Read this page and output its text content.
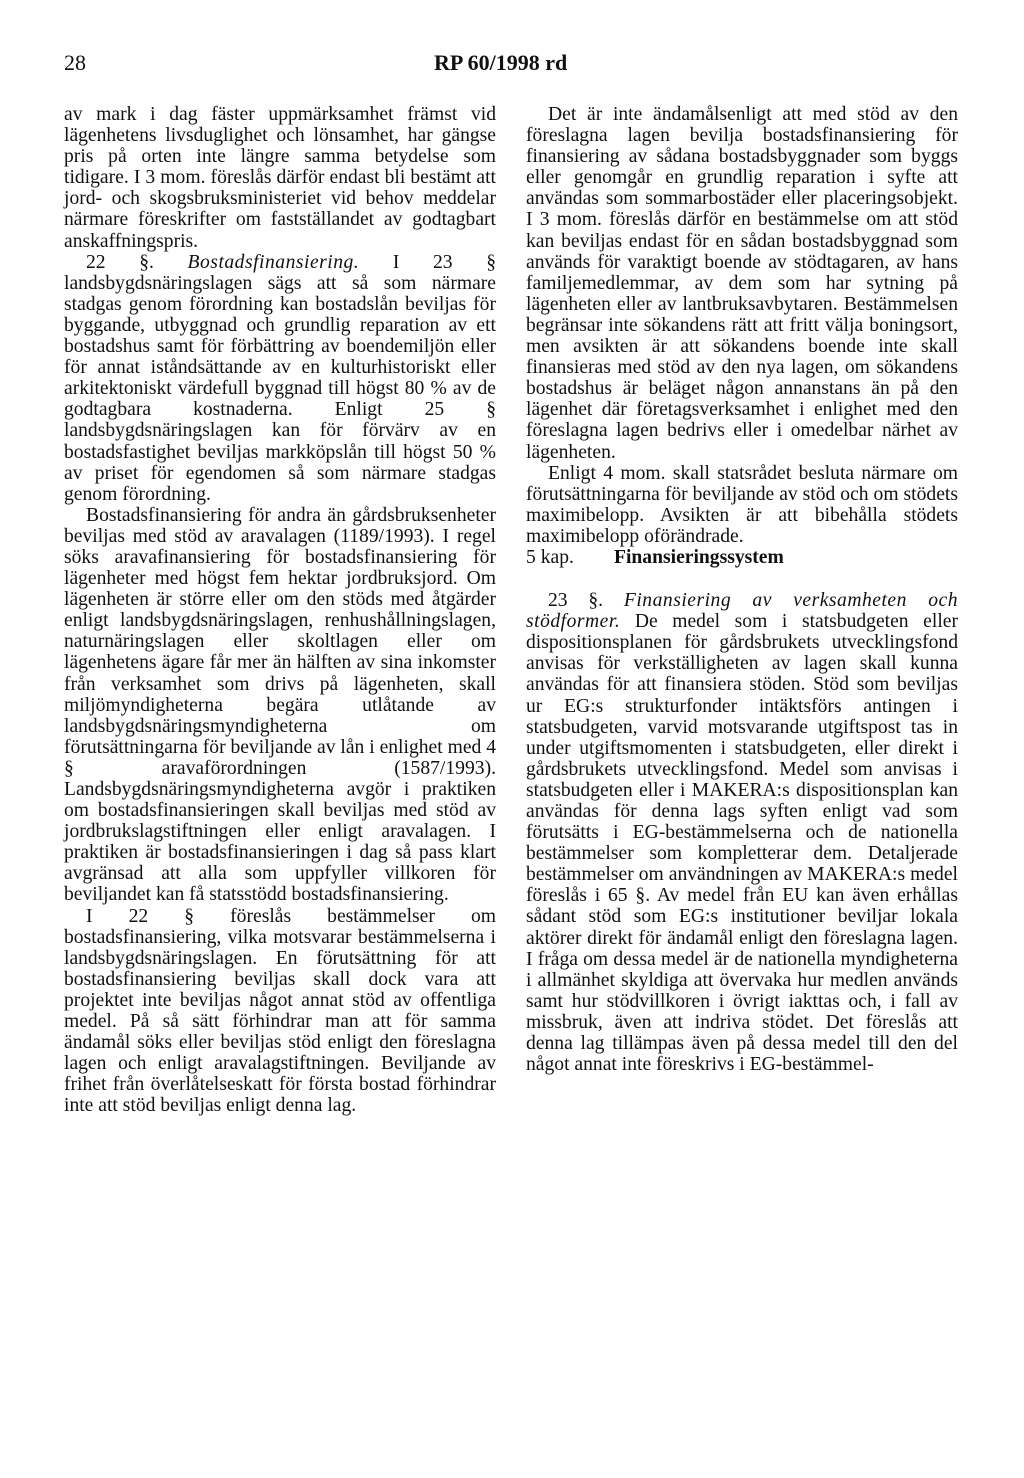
28	RP 60/1998 rd

av mark i dag fäster uppmärksamhet främst vid lägenhetens livsduglighet och lönsamhet, har gängse pris på orten inte längre samma betydelse som tidigare. I 3 mom. föreslås därför endast bli bestämt att jord- och skogsbruksministeriet vid behov meddelar närmare föreskrifter om fastställandet av godtagbart anskaffningspris.

22 §. Bostadsfinansiering. I 23 § landsbygdsnäringslagen sägs att så som närmare stadgas genom förordning kan bostadslån beviljas för byggande, utbyggnad och grundlig reparation av ett bostadshus samt för förbättring av boendemiljön eller för annat iståndsättande av en kulturhistoriskt eller arkitektoniskt värdefull byggnad till högst 80 % av de godtagbara kostnaderna. Enligt 25 § landsbygdsnäringslagen kan för förvärv av en bostadsfastighet beviljas markköpslån till högst 50 % av priset för egendomen så som närmare stadgas genom förordning.

Bostadsfinansiering för andra än gårdsbruksenheter beviljas med stöd av aravalagen (1189/1993). I regel söks aravafinansiering för bostadsfinansiering för lägenheter med högst fem hektar jordbruksjord. Om lägenheten är större eller om den stöds med åtgärder enligt landsbygdsnäringslagen, renhushållningslagen, naturnäringslagen eller skoltlagen eller om lägenhetens ägare får mer än hälften av sina inkomster från verksamhet som drivs på lägenheten, skall miljömyndigheterna begära utlåtande av landsbygdsnäringsmyndigheterna om förutsättningarna för beviljande av lån i enlighet med 4 § aravaförordningen (1587/1993). Landsbygdsnäringsmyndigheterna avgör i praktiken om bostadsfinansieringen skall beviljas med stöd av jordbrukslagstiftningen eller enligt aravalagen. I praktiken är bostadsfinansieringen i dag så pass klart avgränsad att alla som uppfyller villkoren för beviljandet kan få statsstödd bostadsfinansiering.

I 22 § föreslås bestämmelser om bostadsfinansiering, vilka motsvarar bestämmelserna i landsbygdsnäringslagen. En förutsättning för att bostadsfinansiering beviljas skall dock vara att projektet inte beviljas något annat stöd av offentliga medel. På så sätt förhindrar man att för samma ändamål söks eller beviljas stöd enligt den föreslagna lagen och enligt aravalagstiftningen. Beviljande av frihet från överlåtelseskatt för första bostad förhindrar inte att stöd beviljas enligt denna lag.

Det är inte ändamålsenligt att med stöd av den föreslagna lagen bevilja bostadsfinansiering för finansiering av sådana bostadsbyggnader som byggs eller genomgår en grundlig reparation i syfte att användas som sommarbostäder eller placeringsobjekt. I 3 mom. föreslås därför en bestämmelse om att stöd kan beviljas endast för en sådan bostadsbyggnad som används för varaktigt boende av stödtagaren, av hans familjemedlemmar, av dem som har sytning på lägenheten eller av lantbruksavbytaren. Bestämmelsen begränsar inte sökandens rätt att fritt välja boningsort, men avsikten är att sökandens boende inte skall finansieras med stöd av den nya lagen, om sökandens bostadshus är beläget någon annanstans än på den lägenhet där företagsverksamhet i enlighet med den föreslagna lagen bedrivs eller i omedelbar närhet av lägenheten.

Enligt 4 mom. skall statsrådet besluta närmare om förutsättningarna för beviljande av stöd och om stödets maximibelopp. Avsikten är att bibehålla stödets maximibelopp oförändrade.

5 kap. Finansieringssystem

23 §. Finansiering av verksamheten och stödformer. De medel som i statsbudgeten eller dispositionsplanen för gårdsbrukets utvecklingsfond anvisas för verkställigheten av lagen skall kunna användas för att finansiera stöden. Stöd som beviljas ur EG:s strukturfonder intäktsförs antingen i statsbudgeten, varvid motsvarande utgiftspost tas in under utgiftsmomenten i statsbudgeten, eller direkt i gårdsbrukets utvecklingsfond. Medel som anvisas i statsbudgeten eller i MAKERA:s dispositionsplan kan användas för denna lags syften enligt vad som förutsätts i EG-bestämmelserna och de nationella bestämmelser som kompletterar dem. Detaljerade bestämmelser om användningen av MAKERA:s medel föreslås i 65 §. Av medel från EU kan även erhållas sådant stöd som EG:s institutioner beviljar lokala aktörer direkt för ändamål enligt den föreslagna lagen. I fråga om dessa medel är de nationella myndigheterna i allmänhet skyldiga att övervaka hur medlen används samt hur stödvillkoren i övrigt iakttas och, i fall av missbruk, även att indriva stödet. Det föreslås att denna lag tillämpas även på dessa medel till den del något annat inte föreskrivs i EG-bestämmel-
